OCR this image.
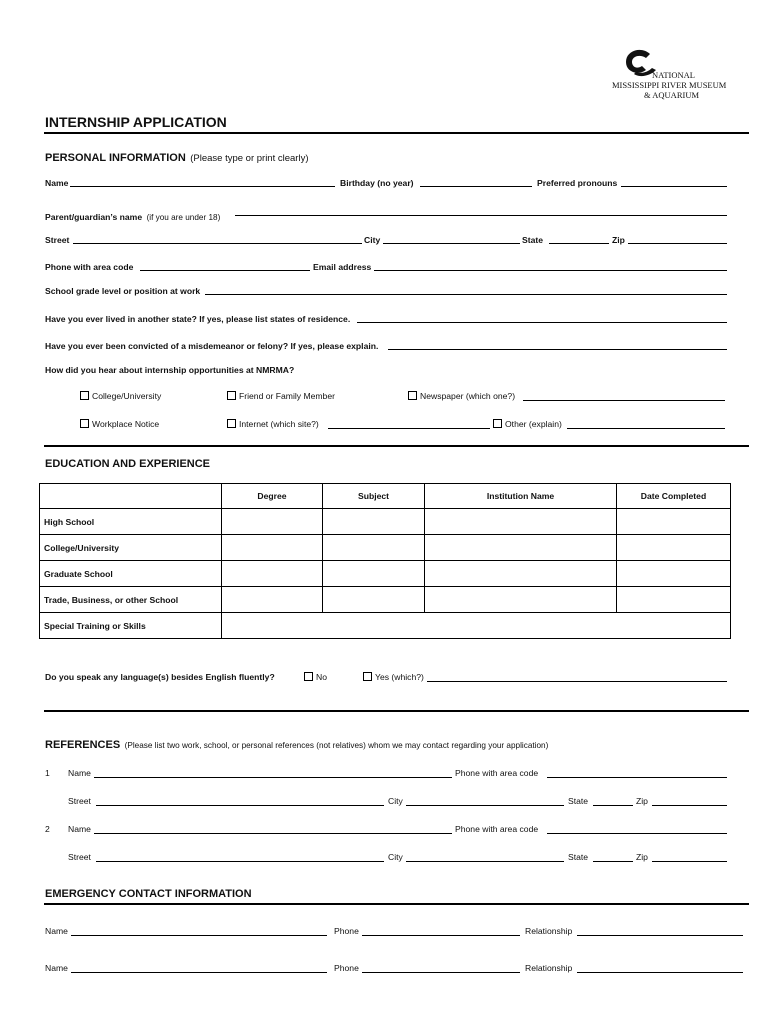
NATIONAL
MISSISSIPPI RIVER MUSEUM
& AQUARIUM
INTERNSHIP APPLICATION
PERSONAL INFORMATION (Please type or print clearly)
Name	Birthday (no year)	Preferred pronouns
Parent/guardian’s name (if you are under 18)
Street	City	State	Zip
Phone with area code	Email address
School grade level or position at work
Have you ever lived in another state? If yes, please list states of residence.
Have you ever been convicted of a misdemeanor or felony? If yes, please explain.
How did you hear about internship opportunities at NMRMA?
College/University	Friend or Family Member	Newspaper (which one?)
Workplace Notice	Internet (which site?)	Other (explain)
EDUCATION AND EXPERIENCE
	Degree	Subject	Institution Name	Date Completed
High School				
College/University				
Graduate School				
Trade, Business, or other School				
Special Training or Skills				
Do you speak any language(s) besides English fluently?	No	Yes (which?)
REFERENCES (Please list two work, school, or personal references (not relatives) whom we may contact regarding your application)
1 Name	Phone with area code
Street	City	State	Zip
2 Name	Phone with area code
Street	City	State	Zip
EMERGENCY CONTACT INFORMATION
Name	Phone	Relationship
Name	Phone	Relationship
